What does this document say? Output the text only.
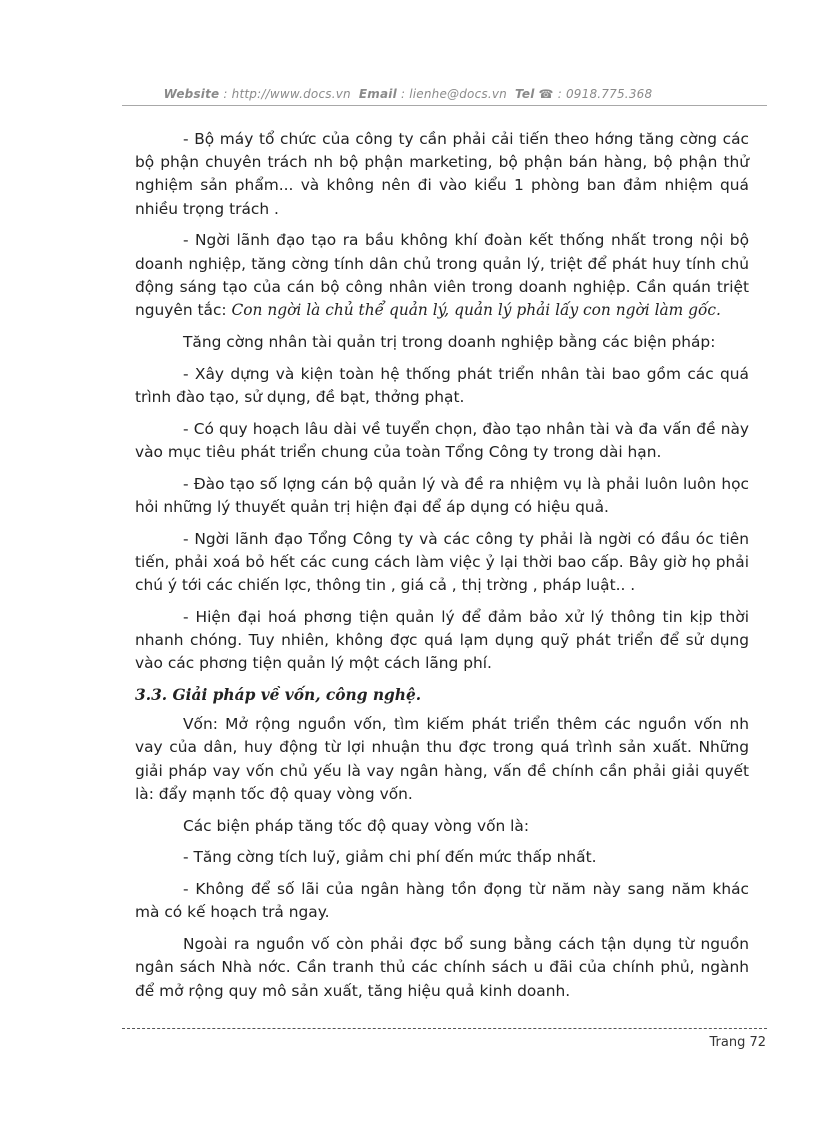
Website : http://www.docs.vn Email : lienhe@docs.vn Tel ☎ : 0918.775.368

- Bộ máy tổ chức của công ty cần phải cải tiến theo hớng tăng cờng các bộ phận chuyên trách nh bộ phận marketing, bộ phận bán hàng, bộ phận thử nghiệm sản phẩm... và không nên đi vào kiểu 1 phòng ban đảm nhiệm quá nhiều trọng trách .

- Ngời lãnh đạo tạo ra bầu không khí đoàn kết thống nhất trong nội bộ doanh nghiệp, tăng cờng tính dân chủ trong quản lý, triệt để phát huy tính chủ động sáng tạo của cán bộ công nhân viên trong doanh nghiệp. Cần quán triệt nguyên tắc: Con ngời là chủ thể quản lý, quản lý phải lấy con ngời làm gốc.

Tăng cờng nhân tài quản trị trong doanh nghiệp bằng các biện pháp:

- Xây dựng và kiện toàn hệ thống phát triển nhân tài bao gồm các quá trình đào tạo, sử dụng, đề bạt, thởng phạt.

- Có quy hoạch lâu dài về tuyển chọn, đào tạo nhân tài và đa vấn đề này vào mục tiêu phát triển chung của toàn Tổng Công ty trong dài hạn.

- Đào tạo số lợng cán bộ quản lý và đề ra nhiệm vụ là phải luôn luôn học hỏi những lý thuyết quản trị hiện đại để áp dụng có hiệu quả.

- Ngời lãnh đạo Tổng Công ty và các công ty phải là ngời có đầu óc tiên tiến, phải xoá bỏ hết các cung cách làm việc ỷ lại thời bao cấp. Bây giờ họ phải chú ý tới các chiến lợc, thông tin , giá cả , thị trờng , pháp luật.. .

- Hiện đại hoá phơng tiện quản lý để đảm bảo xử lý thông tin kịp thời nhanh chóng. Tuy nhiên, không đợc quá lạm dụng quỹ phát triển để sử dụng vào các phơng tiện quản lý một cách lãng phí.

3.3. Giải pháp về vốn, công nghệ.

Vốn: Mở rộng nguồn vốn, tìm kiếm phát triển thêm các nguồn vốn nh vay của dân, huy động từ lợi nhuận thu đợc trong quá trình sản xuất. Những giải pháp vay vốn chủ yếu là vay ngân hàng, vấn đề chính cần phải giải quyết là: đẩy mạnh tốc độ quay vòng vốn.

Các biện pháp tăng tốc độ quay vòng vốn là:

- Tăng cờng tích luỹ, giảm chi phí đến mức thấp nhất.

- Không để số lãi của ngân hàng tồn đọng từ năm này sang năm khác mà có kế hoạch trả ngay.

Ngoài ra nguồn vố còn phải đợc bổ sung bằng cách tận dụng từ nguồn ngân sách Nhà nớc. Cần tranh thủ các chính sách u đãi của chính phủ, ngành để mở rộng quy mô sản xuất, tăng hiệu quả kinh doanh.

Trang 72
